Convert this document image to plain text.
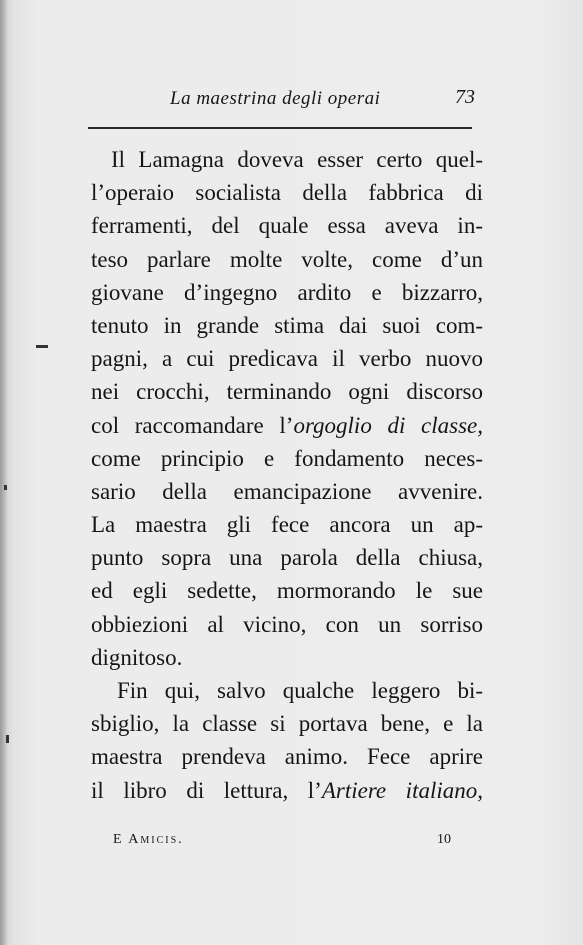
La maestrina degli operai	73
Il Lamagna doveva esser certo quel-
l’operaio socialista della fabbrica di
ferramenti, del quale essa aveva in-
teso parlare molte volte, come d’un
giovane d’ingegno ardito e bizzarro,
tenuto in grande stima dai suoi com-
pagni, a cui predicava il verbo nuovo
nei crocchi, terminando ogni discorso
col raccomandare l’orgoglio di classe,
come principio e fondamento neces-
sario della emancipazione avvenire.
La maestra gli fece ancora un ap-
punto sopra una parola della chiusa,
ed egli sedette, mormorando le sue
obbiezioni al vicino, con un sorriso
dignitoso.
Fin qui, salvo qualche leggero bi-
sbiglio, la classe si portava bene, e la
maestra prendeva animo. Fece aprire
il libro di lettura, l’Artiere italiano,
E Amicis.	10
